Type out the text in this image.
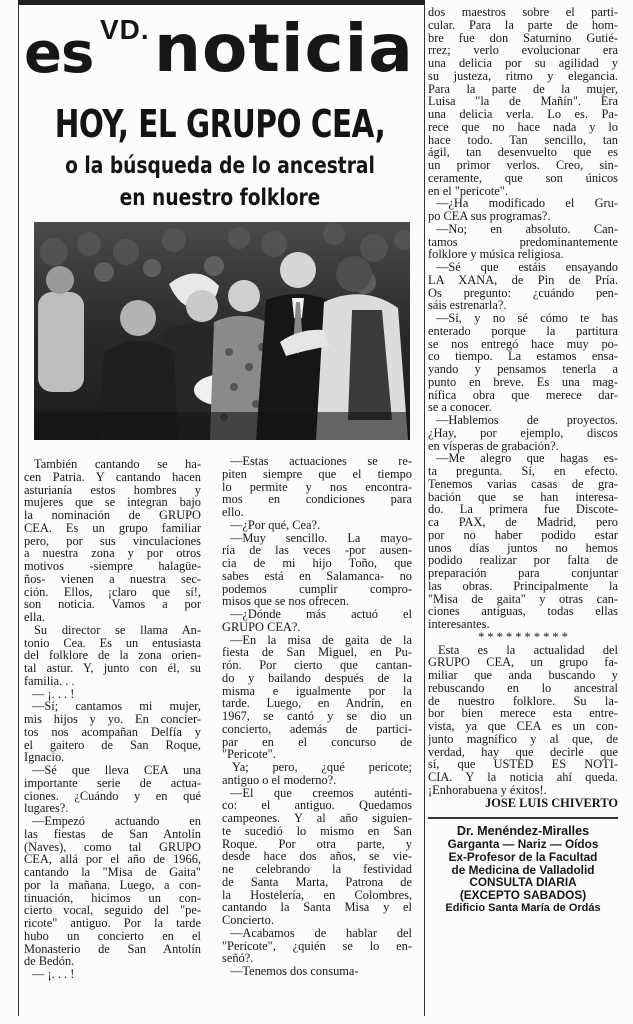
VD.
es noticia
HOY, EL GRUPO CEA,
o la búsqueda de lo ancestral
en nuestro folklore
También cantando se ha-
cen Patria. Y cantando hacen
asturianía estos hombres y
mujeres que se integran bajo
la nominación de GRUPO
CEA. Es un grupo familiar
pero, por sus vinculaciones
a nuestra zona y por otros
motivos -siempre halagüe-
ños- vienen a nuestra sec-
ción. Ellos, ¡claro que sí!,
son noticia. Vamos a por
ella.
Su director se llama An-
tonio Cea. Es un entusiasta
del folklore de la zona orien-
tal astur. Y, junto con él, su
familia. . .
— ¡. . . !
—Sí; cantamos mi mujer,
mis hijos y yo. En concier-
tos nos acompañan Delfía y
el gaitero de San Roque,
Ignacio.
—Sé que lleva CEA una
importante serie de actua-
ciones. ¿Cuándo y en qué
lugares?.
—Empezó actuando en
las fiestas de San Antolín
(Naves), como tal GRUPO
CEA, allá por el año de 1966,
cantando la "Misa de Gaita"
por la mañana. Luego, a con-
tinuación, hicimos un con-
cierto vocal, seguido del "pe-
ricote" antiguo. Por la tarde
hubo un concierto en el
Monasterio de San Antolín
de Bedón.
— ¡. . . !
—Estas actuaciones se re-
piten siempre que el tiempo
lo permite y nos encontra-
mos en condiciones para
ello.
—¿Por qué, Cea?.
—Muy sencillo. La mayo-
ría de las veces -por ausen-
cia de mi hijo Toño, que
sabes está en Salamanca- no
podemos cumplir compro-
misos que se nos ofrecen.
—¿Dónde más actuó el
GRUPO CEA?.
—En la misa de gaita de la
fiesta de San Miguel, en Pu-
rón. Por cierto que cantan-
do y bailando después de la
misma e igualmente por la
tarde. Luego, en Andrín, en
1967, se cantó y se dio un
concierto, además de partici-
par en el concurso de
"Pericote".
Ya; pero, ¿qué pericote;
antiguo o el moderno?.
—El que creemos auténti-
co: el antiguo. Quedamos
campeones. Y al año siguien-
te sucedió lo mismo en San
Roque. Por otra parte, y
desde hace dos años, se vie-
ne celebrando la festividad
de Santa Marta, Patrona de
la Hostelería, en Colombres,
cantando la Santa Misa y el
Concierto.
—Acabamos de hablar del
"Pericote", ¿quién se lo en-
señó?.
—Tenemos dos consuma-
dos maestros sobre el parti-
cular. Para la parte de hom-
bre fue don Saturnino Gutié-
rrez; verlo evolucionar era
una delicia por su agilidad y
su justeza, ritmo y elegancia.
Para la parte de la mujer,
Luisa "la de Mañín". Era
una delicia verla. Lo es. Pa-
rece que no hace nada y lo
hace todo. Tan sencillo, tan
ágil, tan desenvuelto que es
un primor verlos. Creo, sin-
ceramente, que son únicos
en el "pericote".
—¿Ha modificado el Gru-
po CEA sus programas?.
—No; en absoluto. Can-
tamos predominantemente
folklore y música religiosa.
—Sé que estáis ensayando
LA XANA, de Pin de Pría.
Os pregunto: ¿cuándo pen-
sáis estrenarla?.
—Sí, y no sé cómo te has
enterado porque la partitura
se nos entregó hace muy po-
co tiempo. La estamos ensa-
yando y pensamos tenerla a
punto en breve. Es una mag-
nífica obra que merece dar-
se a conocer.
—Hablemos de proyectos.
¿Hay, por ejemplo, discos
en vísperas de grabación?.
—Me alegro que hagas es-
ta pregunta. Sí, en efecto.
Tenemos varias casas de gra-
bación que se han interesa-
do. La primera fue Discote-
ca PAX, de Madrid, pero
por no haber podido estar
unos días juntos no hemos
podido realizar por falta de
preparación para conjuntar
las obras. Principalmente la
"Misa de gaita" y otras can-
ciones antiguas, todas ellas
interesantes.
* * * * * * * * * *
Esta es la actualidad del
GRUPO CEA, un grupo fa-
miliar que anda buscando y
rebuscando en lo ancestral
de nuestro folklore. Su la-
bor bien merece esta entre-
vista, ya que CEA es un con-
junto magnífico y al que, de
verdad, hay que decirle que
sí, que USTED ES NOTI-
CIA. Y la noticia ahí queda.
¡Enhorabuena y éxitos!.
JOSE LUIS CHIVERTO
Dr. Menéndez-Miralles
Garganta — Nariz — Oídos
Ex-Profesor de la Facultad
de Medicina de Valladolid
CONSULTA DIARIA
(EXCEPTO SABADOS)
Edificio Santa María de Ordás
